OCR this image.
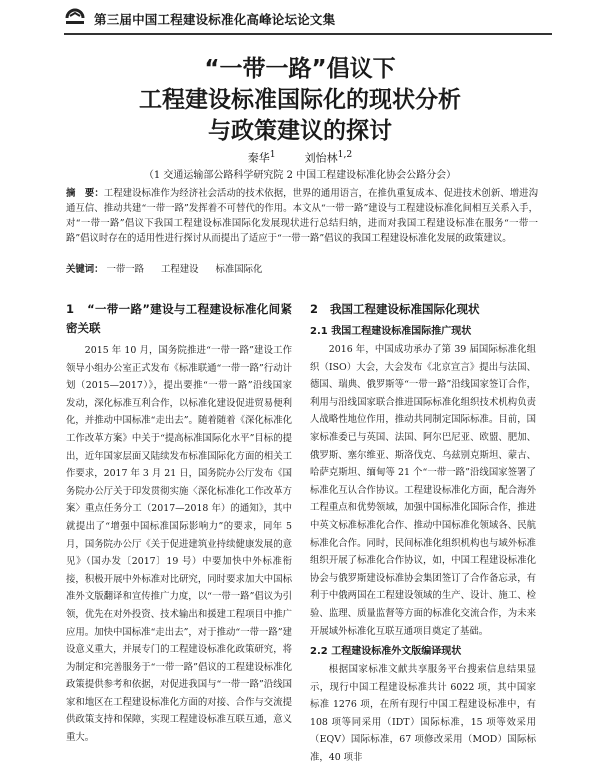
第三届中国工程建设标准化高峰论坛论文集
“一带一路”倡议下
工程建设标准国际化的现状分析
与政策建议的探讨
秦华$^1$	刘怡林$^{1,2}$
（1 交通运输部公路科学研究院 2 中国工程建设标准化协会公路分会）
摘　要：工程建设标准作为经济社会活动的技术依据，世界的通用语言，在推仇重复成本、促进技术创新、增进沟通互信、推动共建“一带一路”发挥着不可替代的作用。本文从“一带一路”建设与工程建设标准化间相互关系入手，对“一带一路”倡议下我国工程建设标准国际化发展现状进行总结归纳，进而对我国工程建设标准在服务“一带一路”倡议时存在的适用性进行探讨从而提出了适应于“一带一路”倡议的我国工程建设标准化发展的政策建议。
关键词： 一带一路 工程建设 标准国际化
1 “一带一路”建设与工程建设标准化间紧密关联

2015 年 10 月，国务院推进“一带一路”建设工作领导小组办公室正式发布《标准联通“一带一路”行动计划（2015—2017）》，提出要推“一带一路”沿线国家发动，深化标准互利合作，以标准化建设促进贸易便利化，并推动中国标准“走出去”。随着随着《深化标准化工作改革方案》中关于“提高标准国际化水平”目标的提出，近年国家层面又陆续发布标准国际化方面的相关工作要求，2017 年 3 月 21 日，国务院办公厅发布《国务院办公厅关于印发贯彻实施〈深化标准化工作改革方案〉重点任务分工（2017—2018 年）的通知》，其中就提出了“增强中国标准国际影响力”的要求，同年 5 月，国务院办公厅《关于促进建筑业持续健康发展的意见》（国办发〔2017〕19 号）中要加快中外标准衔接，积极开展中外标准对比研究，同时要求加大中国标准外文版翻译和宣传推广力度，以“一带一路”倡议为引领，优先在对外投资、技术输出和援建工程项目中推广应用。加快中国标准“走出去”，对于推动“一带一路”建设意义重大，并展专门的工程建设标准化政策研究，将为制定和完善服务于“一带一路”倡议的工程建设标准化政策提供参考和依据，对促进我国与“一带一路”沿线国家和地区在工程建设标准化方面的对接、合作与交流提供政策支持和保障，实现工程建设标准互联互通，意义重大。

2 我国工程建设标准国际化现状
2.1 我国工程建设标准国际推广现状

2016 年，中国成功承办了第 39 届国际标准化组织（ISO）大会，大会发布《北京宣言》提出与法国、德国、瑞典、俄罗斯等“一带一路”沿线国家签订合作，利用与沿线国家联合推进国际标准化组织技术机构负责人战略性地位作用，推动共同制定国际标准。目前，国家标准委已与英国、法国、阿尔巴尼亚、欧盟、肥加、俄罗斯、塞尔维亚、斯洛伐克、乌兹别克斯坦、蒙古、哈萨克斯坦、缅甸等 21 个“一带一路”沿线国家签署了标准化互认合作协议。工程建设标准化方面，配合海外工程重点和优势领域，加强中国标准化国际合作，推进中英文标准标准化合作、推动中国标准化领域各、民航标准化合作。同时，民间标准化组织机构也与域外标准组织开展了标准化合作协议，如，中国工程建设标准化协会与俄罗斯建设标准协会集团签订了合作备忘录，有利于中俄两国在工程建设领域的生产、设计、施工、检验、监理、质量监督等方面的标准化交流合作，为未来开展域外标准化互联互通项目奠定了基础。

2.2 工程建设标准外文版编译现状

根据国家标准文献共享服务平台搜索信息结果显示，现行中国工程建设标准共计 6022 项，其中国家标准 1276 项，在所有现行中国工程建设标准中，有 108 项等同采用（IDT）国际标准，15 项等效采用（EQV）国际标准，67 项修改采用（MOD）国际标准，40 项非
